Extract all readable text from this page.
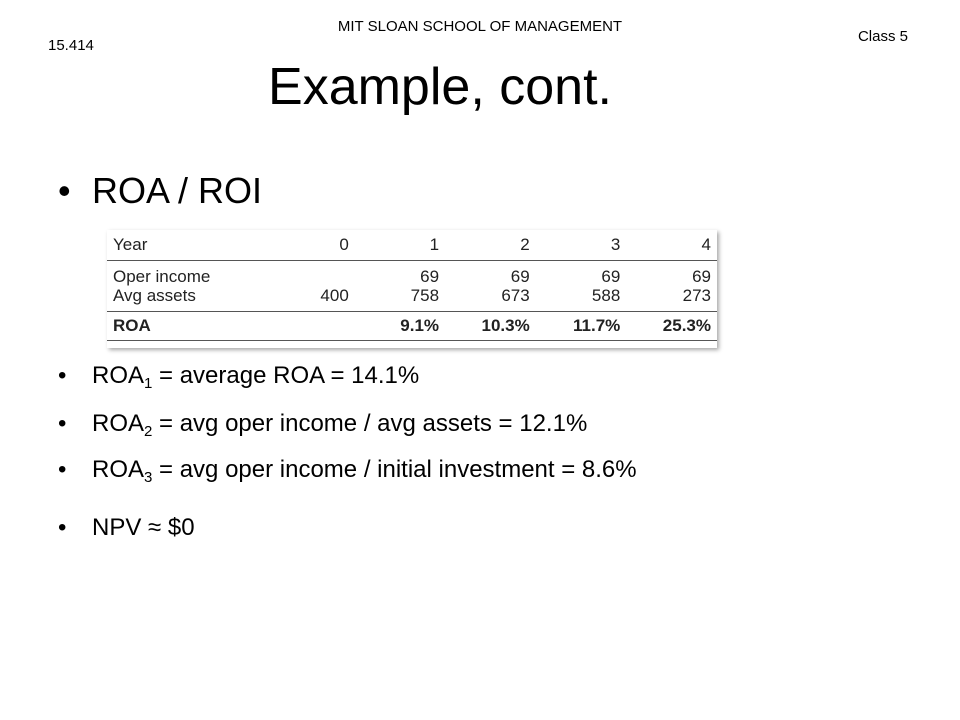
15.414
MIT SLOAN SCHOOL OF MANAGEMENT
Class 5
Example, cont.
• ROA / ROI
Year	0	1	2	3	4

Oper income		69	69	69	69
Avg assets	400	758	673	588	273

ROA		9.1%	10.3%	11.7%	25.3%
•	$ROA_1$ = average ROA = 14.1%
•	$ROA_2$ = avg oper income / avg assets = 12.1%
•	$ROA_3$ = avg oper income / initial investment = 8.6%
•	NPV ≈ $0
